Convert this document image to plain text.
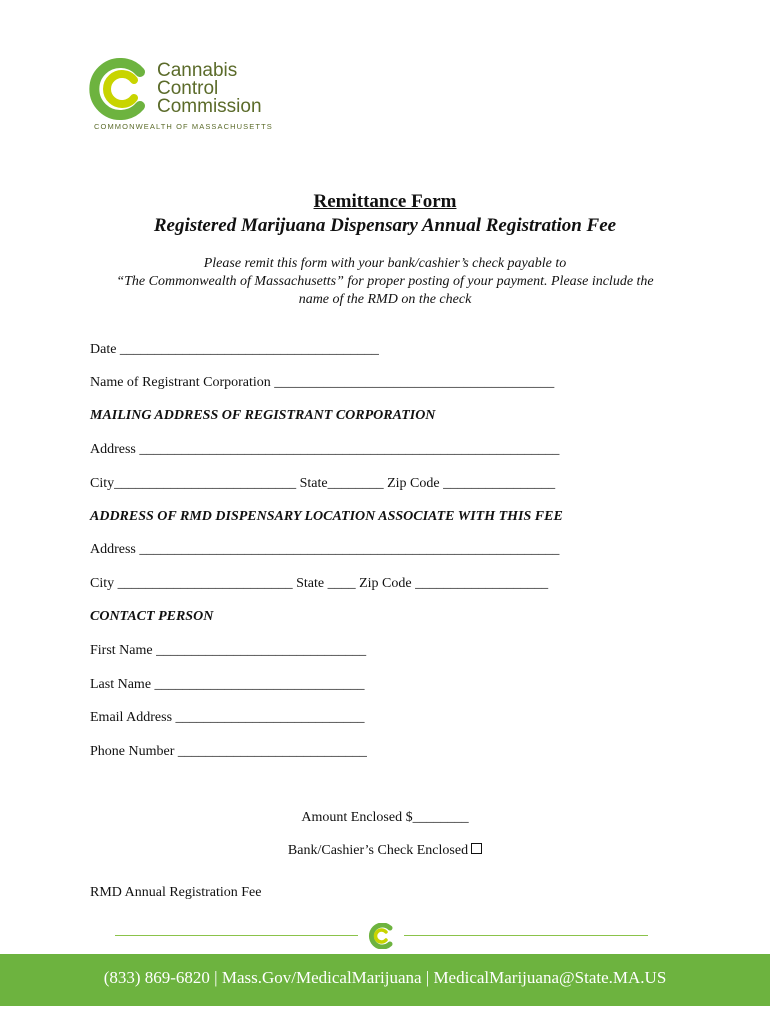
Cannabis
Control
Commission
COMMONWEALTH OF MASSACHUSETTS
Remittance Form
Registered Marijuana Dispensary Annual Registration Fee
Please remit this form with your bank/cashier’s check payable to
“The Commonwealth of Massachusetts” for proper posting of your payment. Please include the
name of the RMD on the check
Date _____________________________________
Name of Registrant Corporation ________________________________________
MAILING ADDRESS OF REGISTRANT CORPORATION
Address ____________________________________________________________
City__________________________ State________ Zip Code ________________
ADDRESS OF RMD DISPENSARY LOCATION ASSOCIATE WITH THIS FEE
Address ____________________________________________________________
City _________________________ State ____ Zip Code ___________________
CONTACT PERSON
First Name ______________________________
Last Name ______________________________
Email Address ___________________________
Phone Number ___________________________
Amount Enclosed $________
Bank/Cashier’s Check Enclosed
RMD Annual Registration Fee
(833) 869-6820 | Mass.Gov/MedicalMarijuana | MedicalMarijuana@State.MA.US
